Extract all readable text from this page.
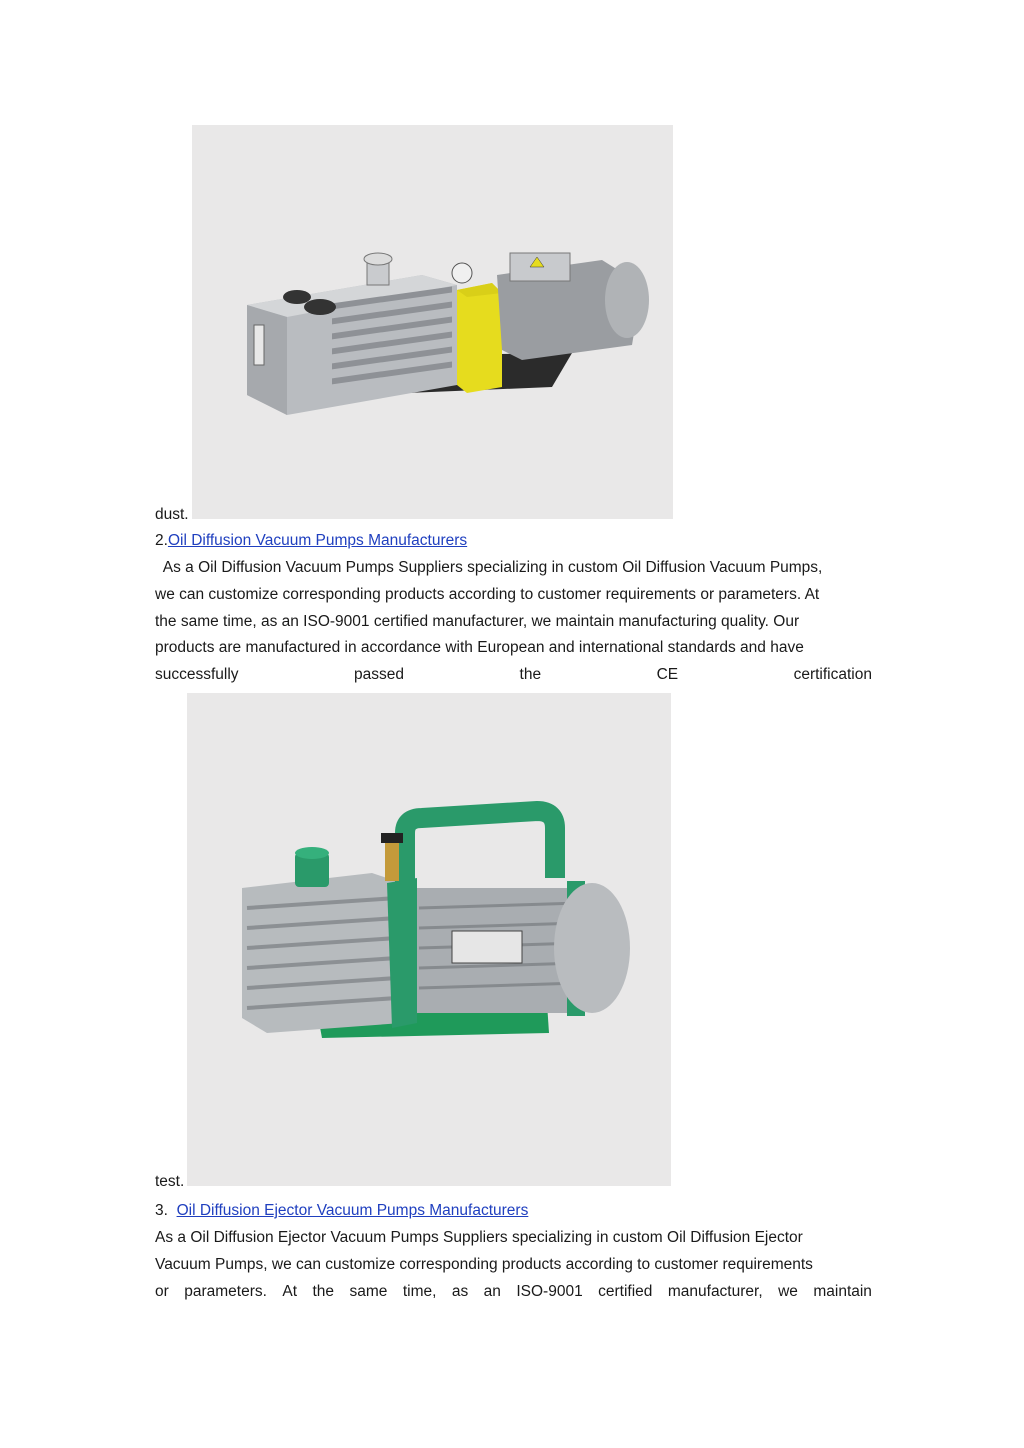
dust.
2.Oil Diffusion Vacuum Pumps Manufacturers
As a Oil Diffusion Vacuum Pumps Suppliers specializing in custom Oil Diffusion Vacuum Pumps,
we can customize corresponding products according to customer requirements or parameters. At
the same time, as an ISO-9001 certified manufacturer, we maintain manufacturing quality. Our
products are manufactured in accordance with European and international standards and have
successfully	passed	the	CE	certification
test.
3. Oil Diffusion Ejector Vacuum Pumps Manufacturers
As a Oil Diffusion Ejector Vacuum Pumps Suppliers specializing in custom Oil Diffusion Ejector
Vacuum Pumps, we can customize corresponding products according to customer requirements
or parameters. At the same time, as an ISO-9001 certified manufacturer, we maintain
